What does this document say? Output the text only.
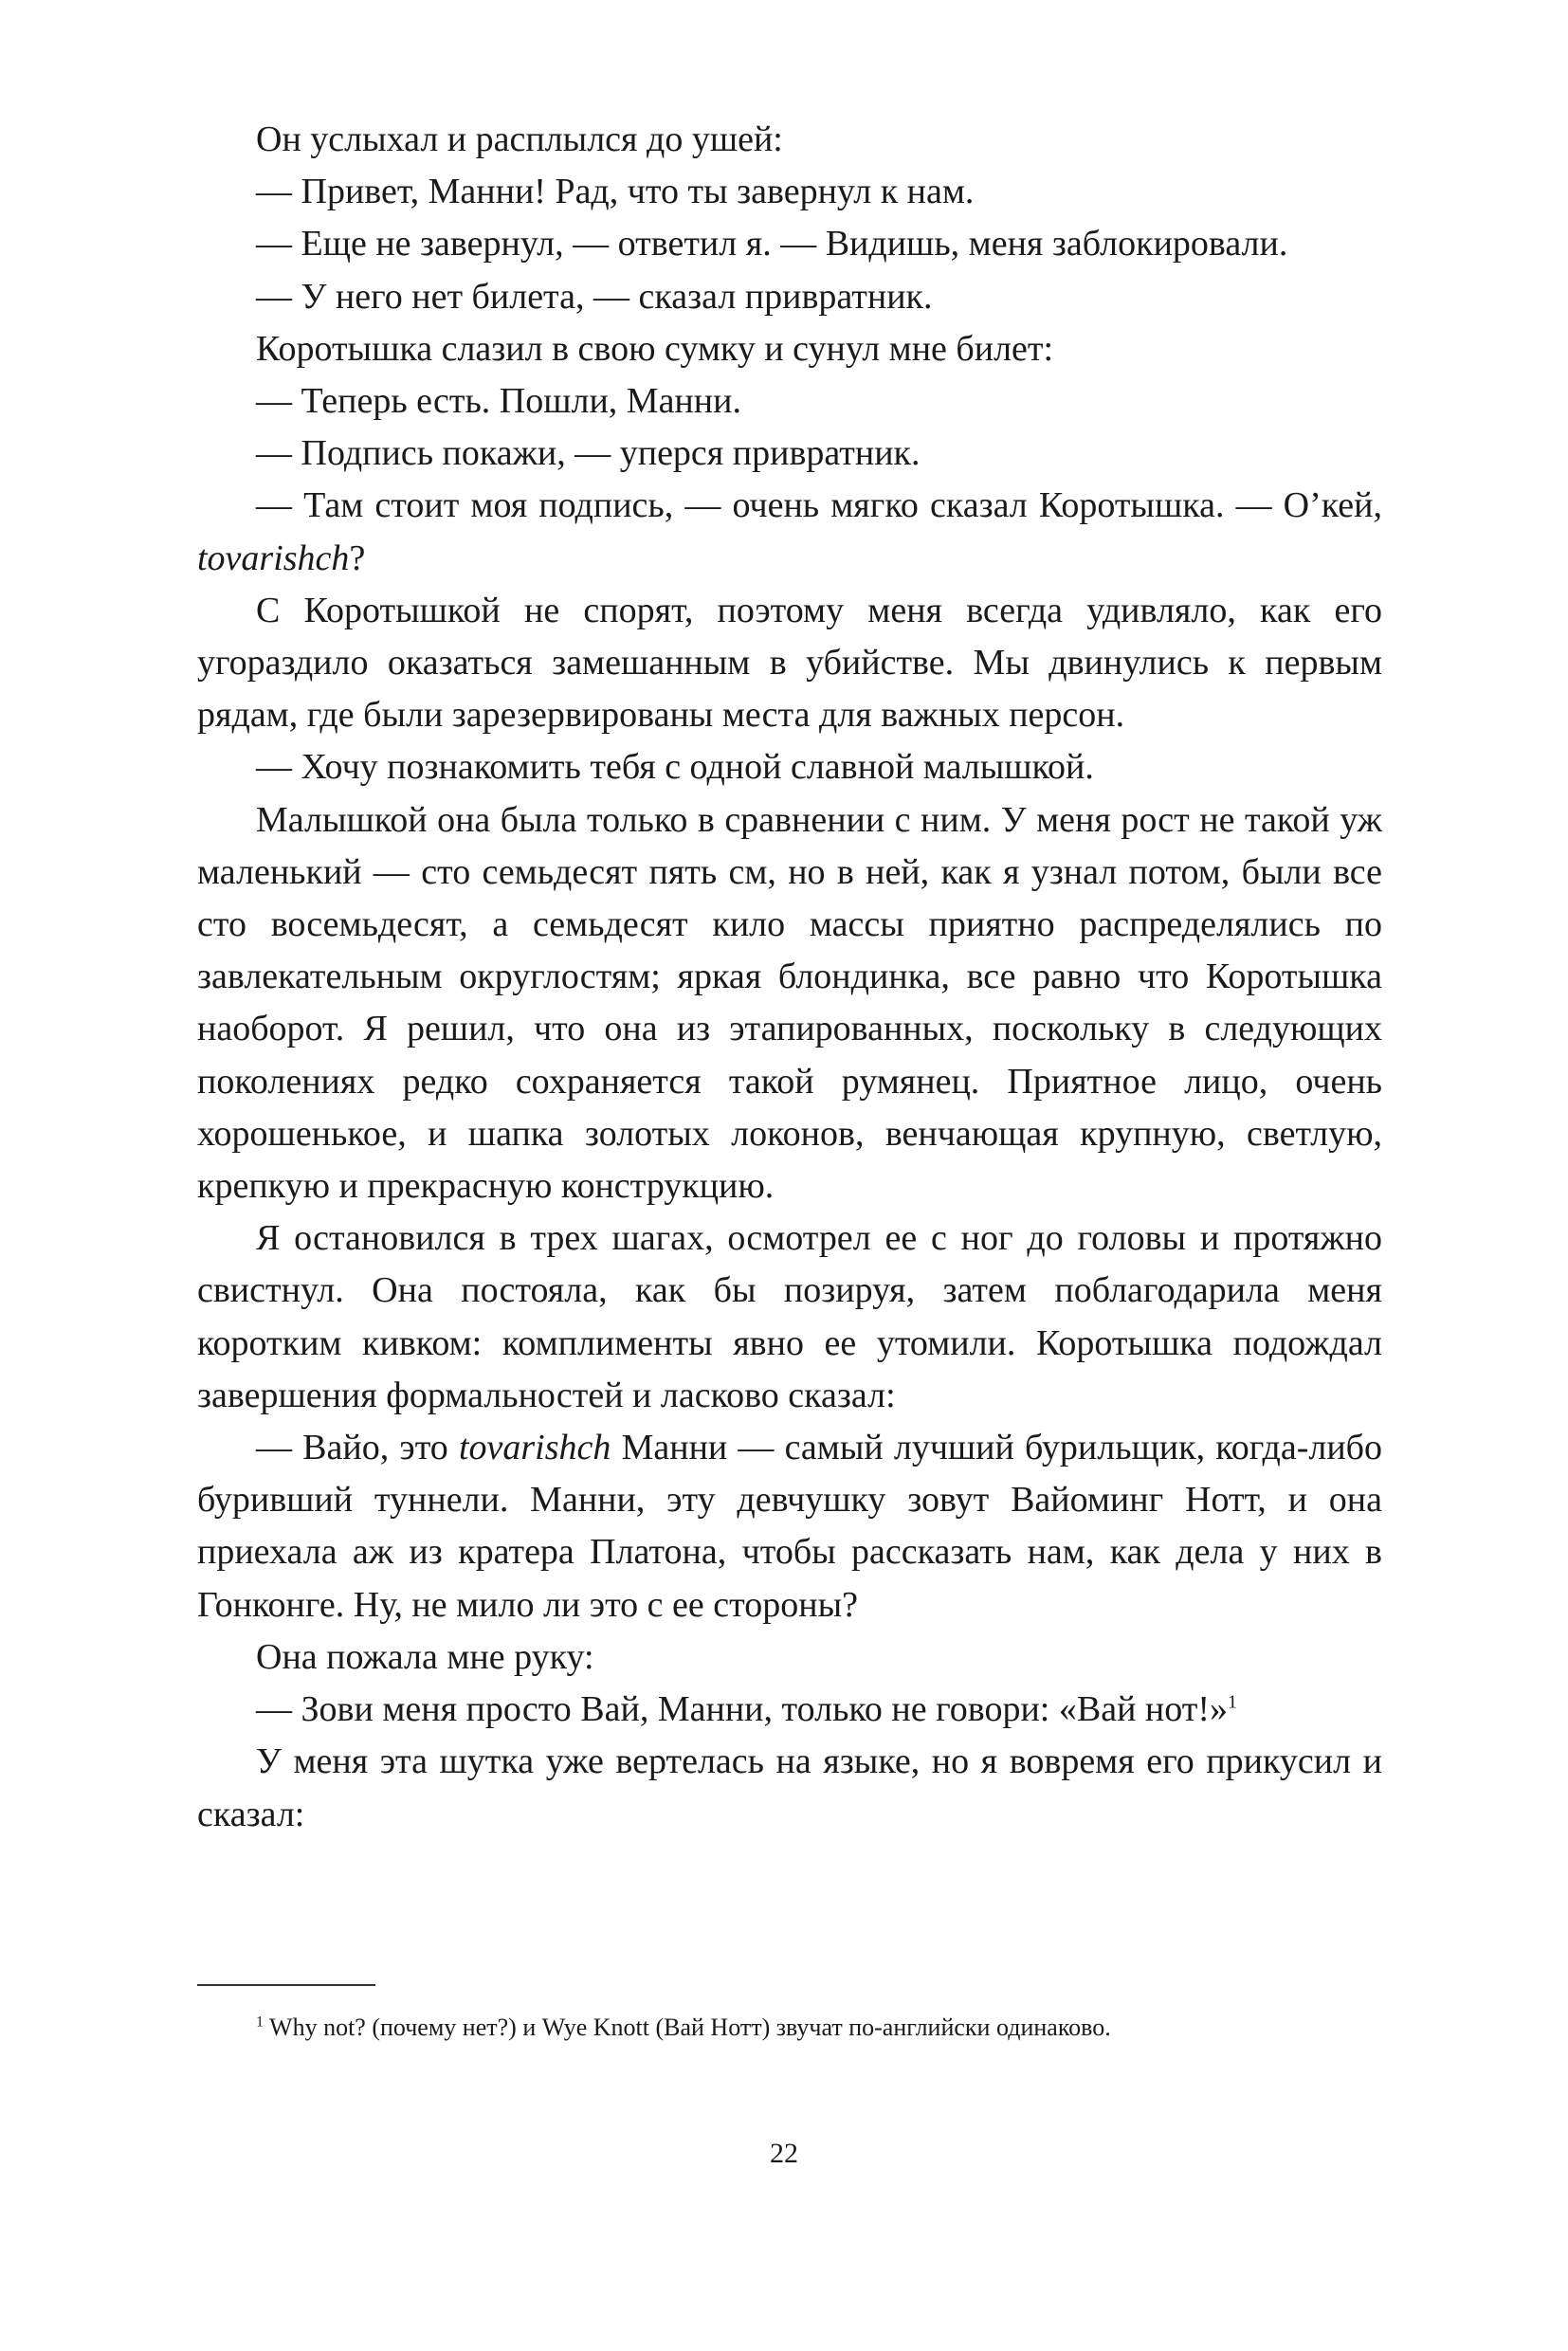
Он услыхал и расплылся до ушей:

— Привет, Манни! Рад, что ты завернул к нам.

— Еще не завернул, — ответил я. — Видишь, меня заблокировали.

— У него нет билета, — сказал привратник.

Коротышка слазил в свою сумку и сунул мне билет:

— Теперь есть. Пошли, Манни.

— Подпись покажи, — уперся привратник.

— Там стоит моя подпись, — очень мягко сказал Коротышка. — О’кей, tovarishch?

С Коротышкой не спорят, поэтому меня всегда удивляло, как его угораздило оказаться замешанным в убийстве. Мы двинулись к первым рядам, где были зарезервированы места для важных персон.

— Хочу познакомить тебя с одной славной малышкой.

Малышкой она была только в сравнении с ним. У меня рост не такой уж маленький — сто семьдесят пять см, но в ней, как я узнал потом, были все сто восемьдесят, а семьдесят кило массы приятно распределялись по завлекательным округлостям; яркая блондинка, все равно что Коротышка наоборот. Я решил, что она из этапированных, поскольку в следующих поколениях редко сохраняется такой румянец. Приятное лицо, очень хорошенькое, и шапка золотых локонов, венчающая крупную, светлую, крепкую и прекрасную конструкцию.

Я остановился в трех шагах, осмотрел ее с ног до головы и протяжно свистнул. Она постояла, как бы позируя, затем поблагодарила меня коротким кивком: комплименты явно ее утомили. Коротышка подождал завершения формальностей и ласково сказал:

— Вайо, это tovarishch Манни — самый лучший бурильщик, когда-либо буривший туннели. Манни, эту девчушку зовут Вайоминг Нотт, и она приехала аж из кратера Платона, чтобы рассказать нам, как дела у них в Гонконге. Ну, не мило ли это с ее стороны?

Она пожала мне руку:

— Зови меня просто Вай, Манни, только не говори: «Вай нот!»$^1$

У меня эта шутка уже вертелась на языке, но я вовремя его прикусил и сказал:

$^1$ Why not? (почему нет?) и Wye Knott (Вай Нотт) звучат по-английски одинаково.

22
